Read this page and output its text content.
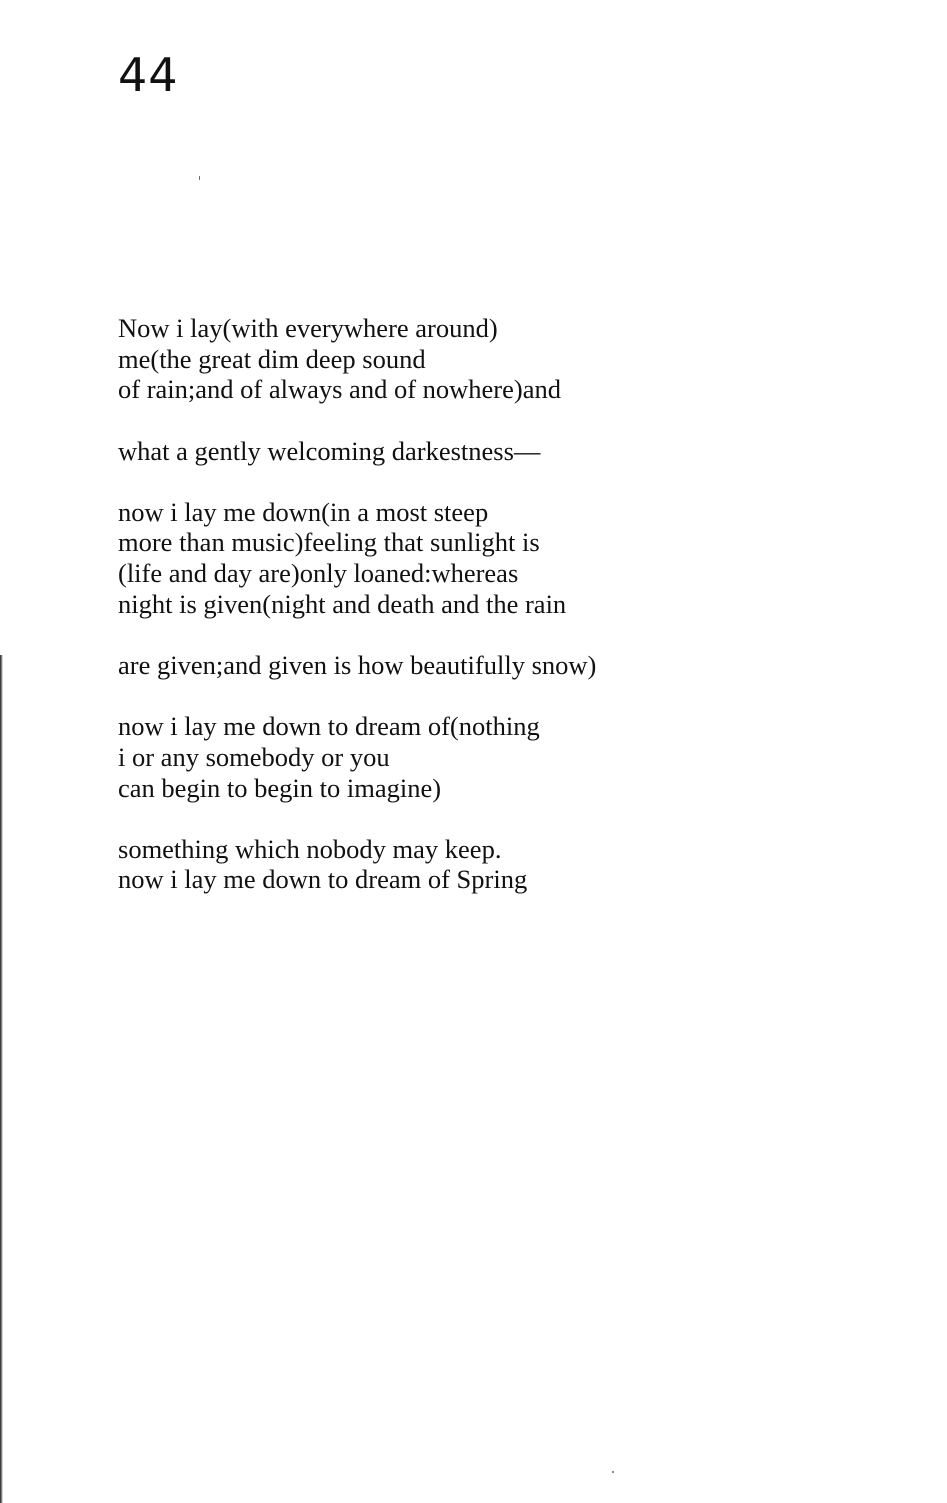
44
Now i lay(with everywhere around)
me(the great dim deep sound
of rain;and of always and of nowhere)and
what a gently welcoming darkestness—
now i lay me down(in a most steep
more than music)feeling that sunlight is
(life and day are)only loaned:whereas
night is given(night and death and the rain
are given;and given is how beautifully snow)
now i lay me down to dream of(nothing
i or any somebody or you
can begin to begin to imagine)
something which nobody may keep.
now i lay me down to dream of Spring
